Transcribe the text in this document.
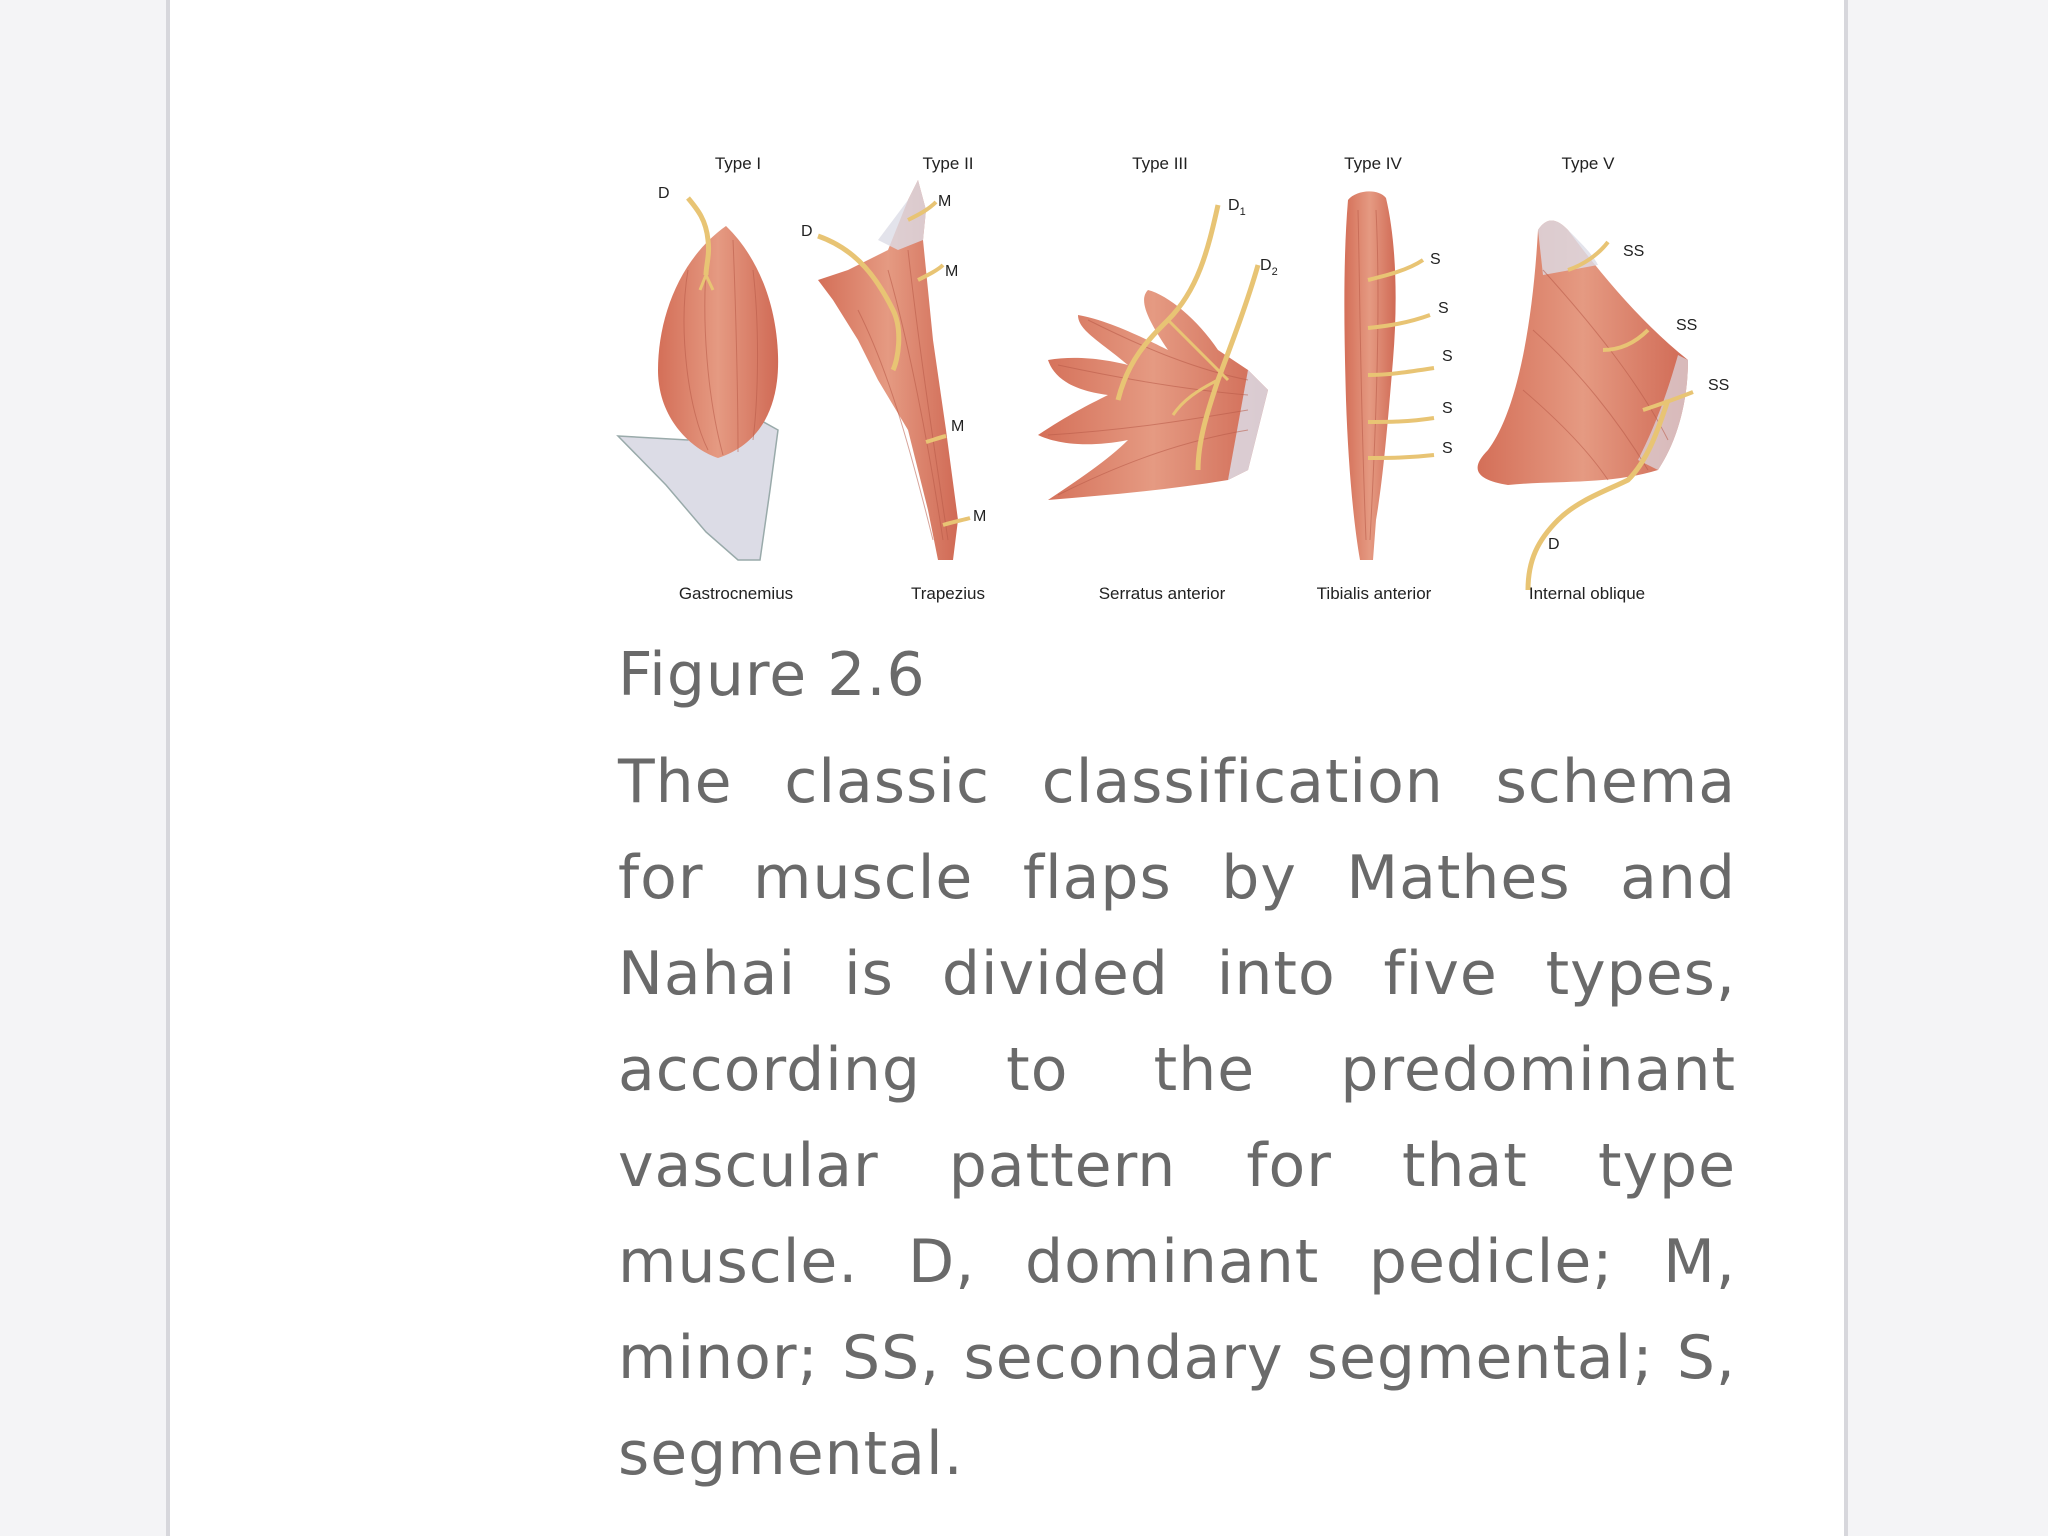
Type I	Type II	Type III	Type IV	Type V
D
D
M
M
M
M
$D_1$
$D_2$
S
S
S
S
S
SS
SS
SS
D
Gastrocnemius	Trapezius	Serratus anterior	Tibialis anterior	Internal oblique
Figure 2.6

The classic classification schema for muscle flaps by Mathes and Nahai is divided into five types, according to the predominant vascular pattern for that type muscle. D, dominant pedicle; M, minor; SS, secondary segmental; S, segmental.
